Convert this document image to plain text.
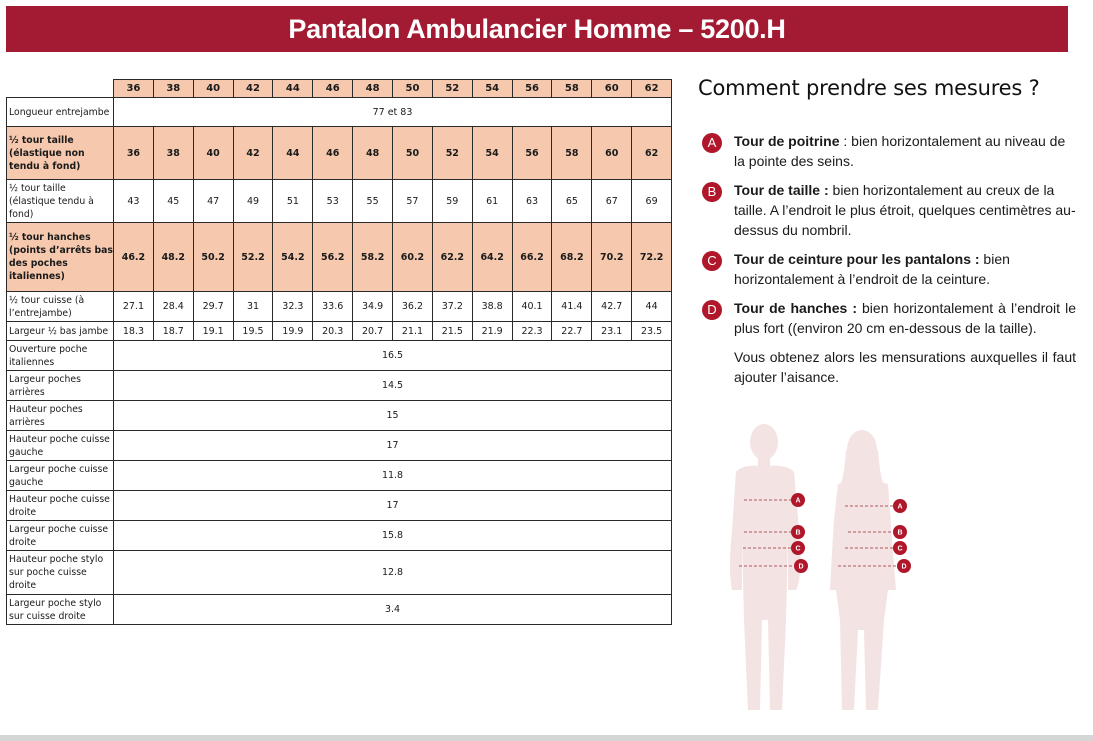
Pantalon Ambulancier Homme – 5200.H
	36	38	40	42	44	46	48	50	52	54	56	58	60	62
Longueur entrejambe	77 et 83													
½ tour taille (élastique non tendu à fond)	36	38	40	42	44	46	48	50	52	54	56	58	60	62
½ tour taille (élastique tendu à fond)	43	45	47	49	51	53	55	57	59	61	63	65	67	69
½ tour hanches (points d’arrêts bas des poches italiennes)	46.2	48.2	50.2	52.2	54.2	56.2	58.2	60.2	62.2	64.2	66.2	68.2	70.2	72.2
½ tour cuisse (à l’entrejambe)	27.1	28.4	29.7	31	32.3	33.6	34.9	36.2	37.2	38.8	40.1	41.4	42.7	44
Largeur ½ bas jambe	18.3	18.7	19.1	19.5	19.9	20.3	20.7	21.1	21.5	21.9	22.3	22.7	23.1	23.5
Ouverture poche italiennes	16.5													
Largeur poches arrières	14.5													
Hauteur poches arrières	15													
Hauteur poche cuisse gauche	17													
Largeur poche cuisse gauche	11.8													
Hauteur poche cuisse droite	17													
Largeur poche cuisse droite	15.8													
Hauteur poche stylo sur poche cuisse droite	12.8													
Largeur poche stylo sur cuisse droite	3.4													
Comment prendre ses mesures ?
A	Tour de poitrine : bien horizontalement au niveau de la pointe des seins.
B	Tour de taille : bien horizontalement au creux de la taille. A l’endroit le plus étroit, quelques centimètres au-dessus du nombril.
C	Tour de ceinture pour les pantalons : bien horizontalement à l’endroit de la ceinture.
D	Tour de hanches : bien horizontalement à l’endroit le plus fort ((environ 20 cm en-dessous de la taille).
Vous obtenez alors les mensurations auxquelles il faut ajouter l’aisance.
A
B
C
D
A
B
C
D
